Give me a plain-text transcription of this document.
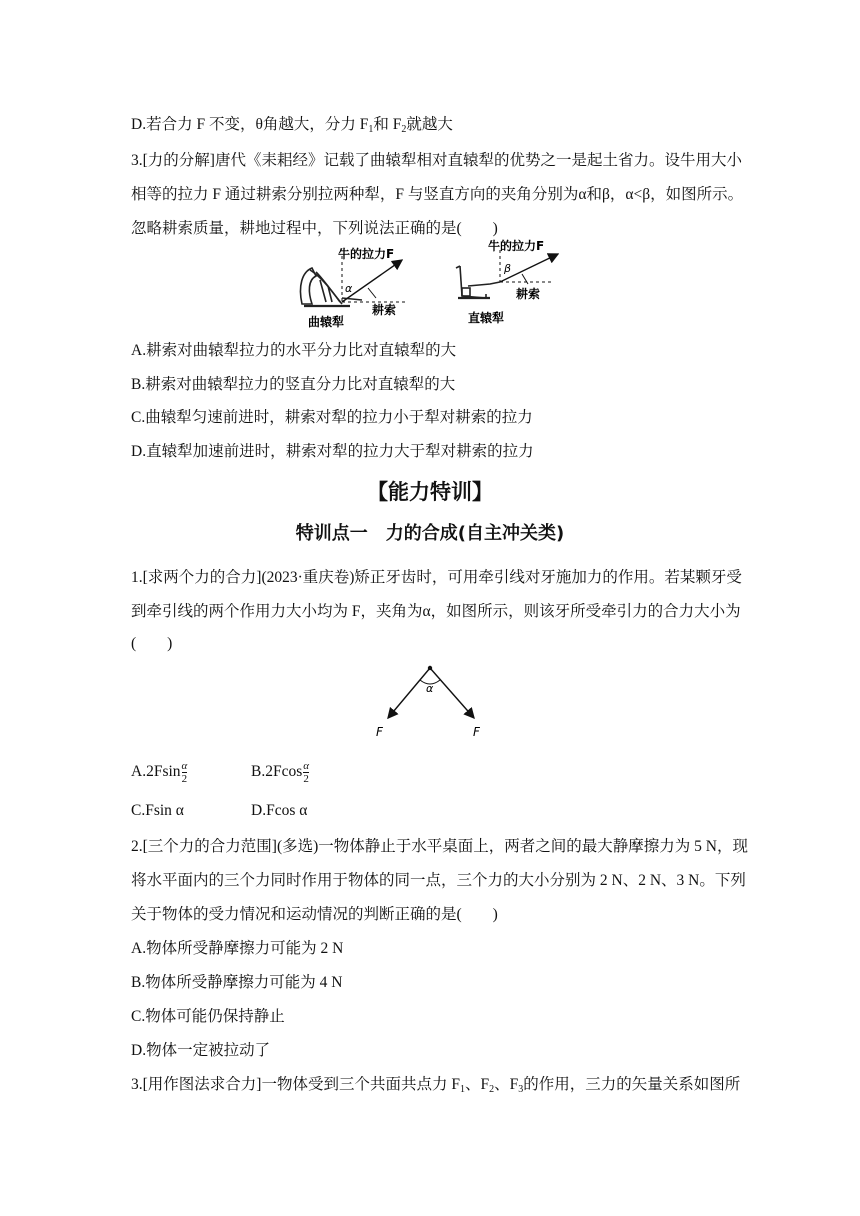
D.若合力 F 不变，θ角越大，分力 $F_1$和 $F_2$就越大
3.[力的分解]唐代《耒耜经》记载了曲辕犁相对直辕犁的优势之一是起土省力。设牛用大小
相等的拉力 F 通过耕索分别拉两种犁，F 与竖直方向的夹角分别为α和β，α<β，如图所示。
忽略耕索质量，耕地过程中，下列说法正确的是(　　)
α
牛的拉力F
耕索
曲辕犁
β
牛的拉力F
耕索
直辕犁
A.耕索对曲辕犁拉力的水平分力比对直辕犁的大
B.耕索对曲辕犁拉力的竖直分力比对直辕犁的大
C.曲辕犁匀速前进时，耕索对犁的拉力小于犁对耕索的拉力
D.直辕犁加速前进时，耕索对犁的拉力大于犁对耕索的拉力
【能力特训】
特训点一　力的合成(自主冲关类)
1.[求两个力的合力](2023·重庆卷)矫正牙齿时，可用牵引线对牙施加力的作用。若某颗牙受
到牵引线的两个作用力大小均为 F，夹角为α，如图所示，则该牙所受牵引力的合力大小为
(　　)
α
F	F
$A.2Fsin \frac{\alpha}{2}$	$B.2Fcos \frac{\alpha}{2}$
C.Fsin α	D.Fcos α
2.[三个力的合力范围](多选)一物体静止于水平桌面上，两者之间的最大静摩擦力为 5 N，现
将水平面内的三个力同时作用于物体的同一点，三个力的大小分别为 2 N、2 N、3 N。下列
关于物体的受力情况和运动情况的判断正确的是(　　)
A.物体所受静摩擦力可能为 2 N
B.物体所受静摩擦力可能为 4 N
C.物体可能仍保持静止
D.物体一定被拉动了
3.[用作图法求合力]一物体受到三个共面共点力 $F_1$、$F_2$、$F_3$的作用，三力的矢量关系如图所
